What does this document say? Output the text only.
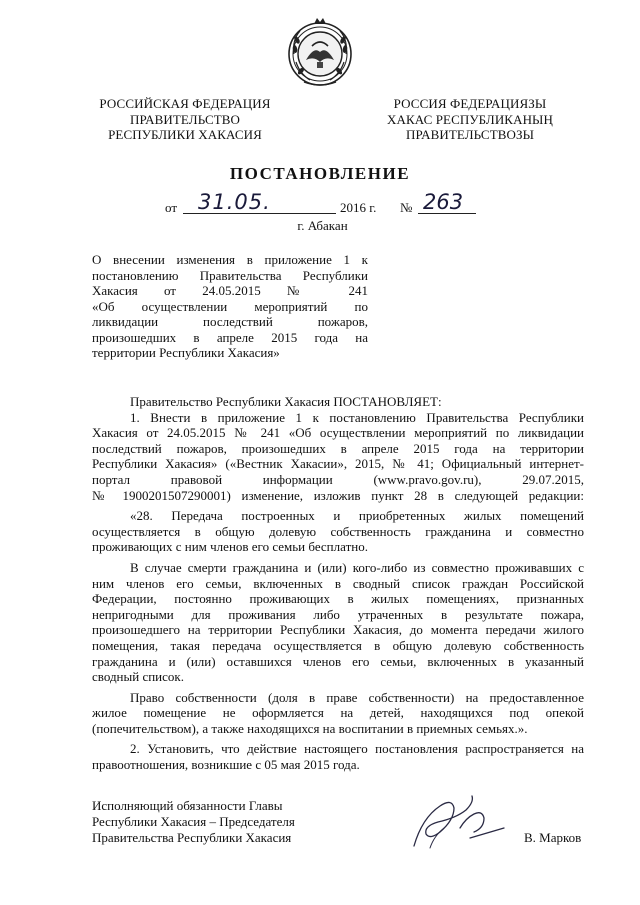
РОССИЙСКАЯ ФЕДЕРАЦИЯ
ПРАВИТЕЛЬСТВО
РЕСПУБЛИКИ ХАКАСИЯ
РОССИЯ ФЕДЕРАЦИЯЗЫ
ХАКАС РЕСПУБЛИКАНЫҢ
ПРАВИТЕЛЬСТВОЗЫ
ПОСТАНОВЛЕНИЕ
от 31.05.	2016 г. № 263
г. Абакан
О внесении изменения в приложение 1 к
постановлению Правительства Республики
Хакасия от 24.05.2015 № 241
«Об осуществлении мероприятий по
ликвидации последствий пожаров,
произошедших в апреле 2015 года на
территории Республики Хакасия»
Правительство Республики Хакасия ПОСТАНОВЛЯЕТ:
1. Внести в приложение 1 к постановлению Правительства Республики
Хакасия от 24.05.2015 № 241 «Об осуществлении мероприятий по ликвидации
последствий пожаров, произошедших в апреле 2015 года на территории
Республики Хакасия» («Вестник Хакасии», 2015, № 41; Официальный интернет-
портал правовой информации (www.pravo.gov.ru), 29.07.2015,
№ 1900201507290001) изменение, изложив пункт 28 в следующей редакции:
«28. Передача построенных и приобретенных жилых помещений
осуществляется в общую долевую собственность гражданина и совместно
проживающих с ним членов его семьи бесплатно.
В случае смерти гражданина и (или) кого-либо из совместно проживавших с
ним членов его семьи, включенных в сводный список граждан Российской
Федерации, постоянно проживающих в жилых помещениях, признанных
непригодными для проживания либо утраченных в результате пожара,
произошедшего на территории Республики Хакасия, до момента передачи жилого
помещения, такая передача осуществляется в общую долевую собственность
гражданина и (или) оставшихся членов его семьи, включенных в указанный
сводный список.
Право собственности (доля в праве собственности) на предоставленное
жилое помещение не оформляется на детей, находящихся под опекой
(попечительством), а также находящихся на воспитании в приемных семьях.».
2. Установить, что действие настоящего постановления распространяется на
правоотношения, возникшие с 05 мая 2015 года.
Исполняющий обязанности Главы
Республики Хакасия – Председателя
Правительства Республики Хакасия	В. Марков
